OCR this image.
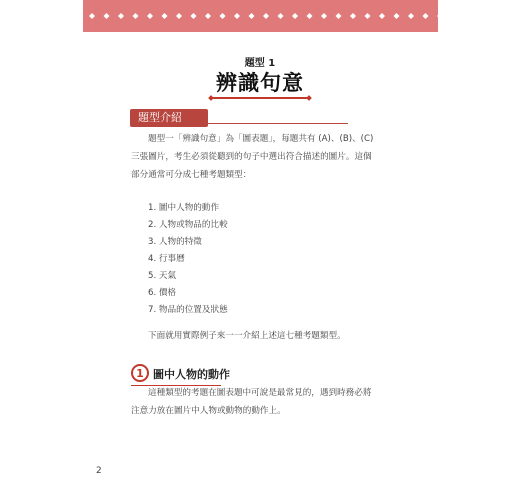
題型 1
辨識句意
題型介紹
題型一「辨識句意」為「圖表題」，每題共有 (A)、(B)、(C)
三張圖片，考生必須從聽到的句子中選出符合描述的圖片。這個
部分通常可分成七種考題類型：
1. 圖中人物的動作
2. 人物或物品的比較
3. 人物的特徵
4. 行事曆
5. 天氣
6. 價格
7. 物品的位置及狀態
下面就用實際例子來一一介紹上述這七種考題類型。
1 圖中人物的動作
這種類型的考題在圖表題中可說是最常見的，遇到時務必將
注意力放在圖片中人物或動物的動作上。
2
